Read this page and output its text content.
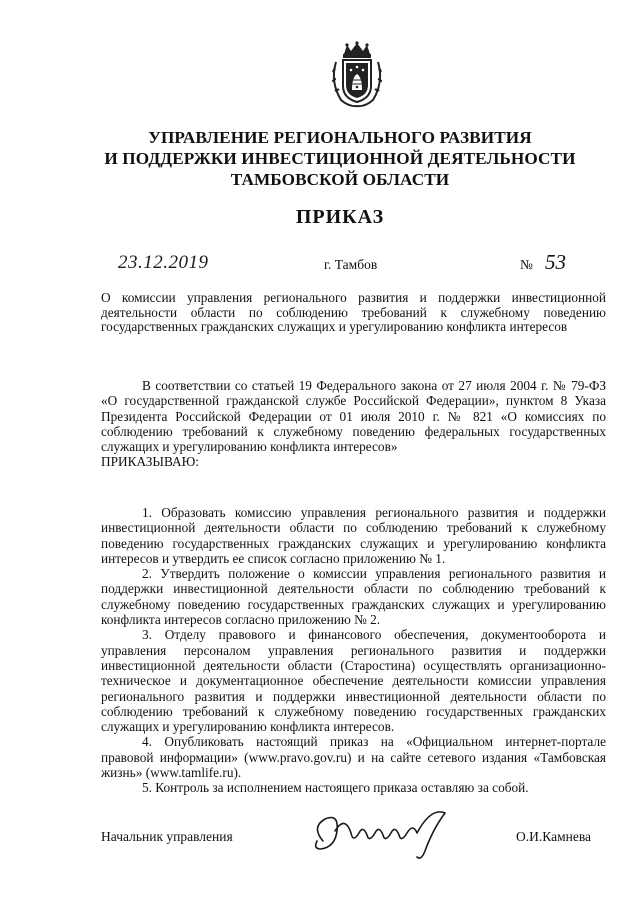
УПРАВЛЕНИЕ РЕГИОНАЛЬНОГО РАЗВИТИЯ
И ПОДДЕРЖКИ ИНВЕСТИЦИОННОЙ ДЕЯТЕЛЬНОСТИ
ТАМБОВСКОЙ ОБЛАСТИ
ПРИКАЗ
23.12.2019	г. Тамбов	№ 53
О комиссии управления регионального развития и поддержки инвестиционной деятельности области по соблюдению требований к служебному поведению государственных гражданских служащих и урегулированию конфликта интересов
В соответствии со статьей 19 Федерального закона от 27 июля 2004 г. № 79-ФЗ «О государственной гражданской службе Российской Федерации», пунктом 8 Указа Президента Российской Федерации от 01 июля 2010 г. № 821 «О комиссиях по соблюдению требований к служебному поведению федеральных государственных служащих и урегулированию конфликта интересов»
ПРИКАЗЫВАЮ:

1. Образовать комиссию управления регионального развития и поддержки инвестиционной деятельности области по соблюдению требований к служебному поведению государственных гражданских служащих и урегулированию конфликта интересов и утвердить ее список согласно приложению № 1.

2. Утвердить положение о комиссии управления регионального развития и поддержки инвестиционной деятельности области по соблюдению требований к служебному поведению государственных гражданских служащих и урегулированию конфликта интересов согласно приложению № 2.

3. Отделу правового и финансового обеспечения, документооборота и управления персоналом управления регионального развития и поддержки инвестиционной деятельности области (Старостина) осуществлять организационно-техническое и документационное обеспечение деятельности комиссии управления регионального развития и поддержки инвестиционной деятельности области по соблюдению требований к служебному поведению государственных гражданских служащих и урегулированию конфликта интересов.

4. Опубликовать настоящий приказ на «Официальном интернет-портале правовой информации» (www.pravo.gov.ru) и на сайте сетевого издания «Тамбовская жизнь» (www.tamlife.ru).

5. Контроль за исполнением настоящего приказа оставляю за собой.

Начальник управления	О.И.Камнева
